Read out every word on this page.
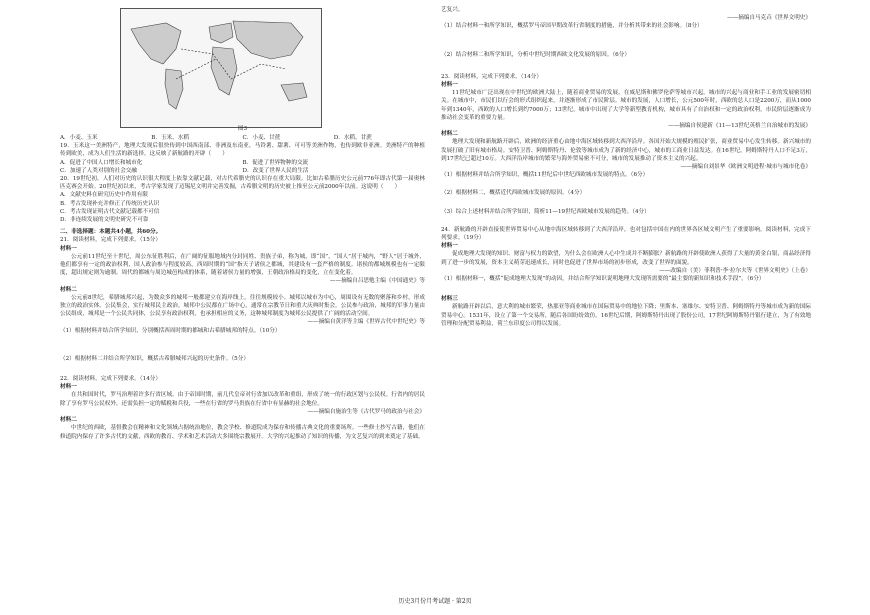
图3
A．小麦、玉米	B．玉米、水稻	C．小麦、甘蔗	D．水稻、甘蔗

19．玉米这一美洲特产，地理大发现后很快传到中国西南部、非洲及东南亚，马铃薯、甜薯、可可等美洲作物，也传到欧非亚洲。美洲特产的种植传到欧美，成为人们生活的新选择。这反映了新航路的开辟（　　）

A．促进了中国人口增长和城市化	B．促进了世界物种的交流
C．加速了人类对别的社会交融	D．改变了世界人民的生活

20．19世纪初，人们对历史的认识很大程度上依靠文献记载，对古代希腊史的认识存在重大局限。比如古希腊历史公元前776年即古代第一届奥林匹克赛会开始。20世纪初以来，考古学家发现了迈锡尼文明并完善发掘，古希腊文明的历史被上推至公元前2000年以前。这说明（　　）

A．文献史料在研究历史中作用有限

B．考古发现补充并修正了传统历史认识

C．考古发现证明古代文献记载都不可信

D．非连续发展的文明史研究不可靠

二、非选择题：本题共4小题，共60分。

21．阅读材料，完成下列要求。（15分）

材料一

公元前11世纪至十世纪，周公东征胜利后，在广阔的征服地域内分封同姓、贵族子弟，称为城，即“国”，“国人”居于城内，“野人”居于城外，他们都享有一定的政治权利，国人政治参与程度较高，西周时期的“国”指天子诸侯之都城，其建设有一套严格的制度。诸侯的都城规模也有一定限度，超出规定则为逾制。周代的都城与周边城邑构成的体系，随着诸侯力量的增强，王朝政治格局的变化，立在变化着。

——摘编自吕思勉主编《中国通史》等

材料二

公元前8世纪，希腊城邦兴起，为数众多的城邦一般都建立在海岸线上，往往规模较小。城邦以城市为中心，周围设有无数的聚落和乡村，形成独立的政治实体。公民集会，实行城邦民主政治。城邦中公民都在广场中心，通常在宗教节日和重大庆典时集会。公民参与政治，城邦的军事力量由公民组成，城邦是一个公民共同体，公民享有政治权利，也承担相应的义务，这种城邦制度为城邦公民提供了广阔的活动空间。

——摘编自黄洋等主编《世界古代中世纪史》等

（1）根据材料并结合所学知识，分别概括西周时期的都城和古希腊城邦的特点。（10分）

（2）根据材料二并结合所学知识，概括古希腊城邦兴起的历史条件。（5分）

22．阅读材料，完成下列要求。（14分）

材料一

在共和国时代，罗马治理着许多行省区域。由于帝国时期，前几代皇帝对行省加以改革和重组，形成了统一的行政区划与公民权。行省内的居民除了享有罗马公民权外，还需负担一定的赋税和兵役，一些在行省的罗马贵族在行省中有显赫的社会地位。

——摘编自施治生等《古代罗马的政治与社会》

材料二

中世纪的西欧，基督教会在精神和文化领域占据统治地位，教会学校、修道院成为保存和传播古典文化的重要场所。一些修士抄写古籍，他们在修道院内保存了许多古代的文献，西欧的教育、学术和艺术活动大多围绕宗教展开。大学的兴起推动了知识的传播，为文艺复兴的到来奠定了基础。

艺复兴。

——摘编自马克垚《世界文明史》

（1）结合材料一和所学知识，概括罗马帝国早期改革行省制度的措施，并分析其带来的社会影响。（8分）

（2）结合材料二和所学知识，分析中世纪时期西欧文化发展的原因。（6分）

23．阅读材料，完成下列要求。（14分）

材料一

11世纪城市广泛出现在中世纪的欧洲大陆上，随着商业贸易的发展，在威尼斯和佛罗伦萨等城市兴起。城市的兴起与商业和手工业的发展密切相关。在城市中，市民们以行会的形式组织起来，并逐渐形成了市民阶层。城市的发展，人口增长，公元500年时，西欧的总人口是2200万，而从1000年到1340年，西欧的人口增长到约7000万；13世纪，城市中出现了大学等新型教育机构，城市具有了自治权和一定的政治权利。市民阶层逐渐成为推动社会变革的重要力量。

——摘编自侯建新《11—13世纪英格兰自治城市的发展》

材料二

地理大发现和新航路开辟后，欧洲的经济重心由地中海区域转移到大西洋沿岸。各国开始大规模的殖民扩张，商业贸易中心发生转移。新兴城市的发展打破了旧有城市格局。安特卫普、阿姆斯特丹、伦敦等城市成为了新的经济中心，城市的工商业日益发达。在16世纪，阿姆斯特丹人口不足3万，到17世纪已超过10万。大西洋沿岸城市的繁荣与海外贸易密不可分，城市的发展推动了资本主义的兴起。

——摘编自刘景华《欧洲文明进程·城市与城市化卷》

（1）根据材料并结合所学知识，概括11世纪后中世纪西欧城市发展的特点。（6分）

（2）根据材料二，概括近代西欧城市发展的原因。（4分）

（3）综合上述材料并结合所学知识，简析11—19世纪西欧城市发展的趋势。（4分）

24．新航路的开辟直接使世界贸易中心从地中海区域转移到了大西洋沿岸，也对包括中国在内的世界各区域文明产生了重要影响。阅读材料，完成下列要求。（19分）

材料一

促成地理大发现的知识、财富与权力的欲望，为什么会在欧洲人心中生成并不断膨胀？新航路的开辟使欧洲人获得了大量的黄金白银，商品经济得到了进一步的发展，资本主义萌芽迅速成长，同时也促进了世界市场的初步形成，改变了世界的面貌。

——改编自（美）菲利普·李·拉尔夫等《世界文明史》（上卷）

（1）根据材料一，概括“促成地理大发现”的动因，并结合所学知识说明地理大发现所需要的“最主要的新知识和技术手段”。（6分）

材料三

新航路开辟以后，意大利的城市繁荣，热那亚等商业城市在国际贸易中的地位下降；里斯本、塞维尔、安特卫普、阿姆斯特丹等城市成为新的国际贸易中心。1531年，设立了第一个交易所，随后各国纷纷效仿。16世纪后期，阿姆斯特丹出现了股份公司，17世纪阿姆斯特丹银行建立，为了有效地管理和分配贸易利益，荷兰东印度公司得以发展。

历史3月份月考试题 · 第2页
